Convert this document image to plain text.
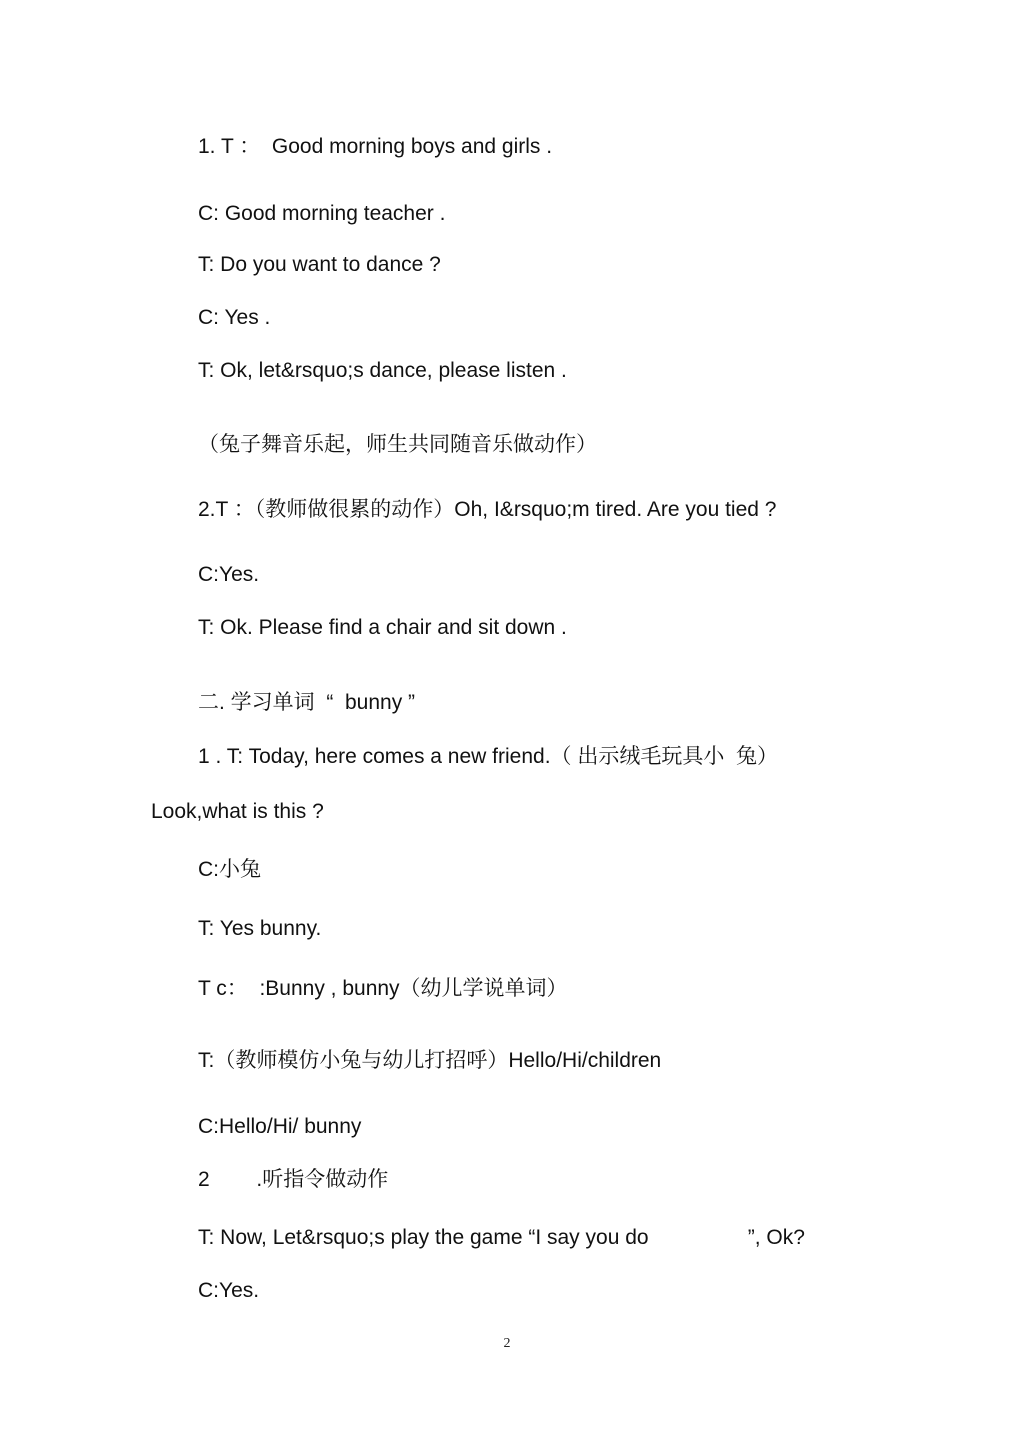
1. T ：  Good morning boys and girls .
C: Good morning teacher .
T: Do you want to dance ?
C: Yes .
T: Ok, let&rsquo;s dance, please listen .
（兔子舞音乐起，师生共同随音乐做动作）
2.T ：（教师做很累的动作）Oh, I&rsquo;m tired. Are you tied ?
C:Yes.
T: Ok. Please find a chair and sit down .
二. 学习单词  “  bunny ”
1 . T: Today, here comes a new friend.（ 出示绒毛玩具小  兔）
Look,what is this ?
C:小兔
T: Yes bunny.
T c：  :Bunny , bunny（幼儿学说单词）
T:（教师模仿小兔与幼儿打招呼）Hello/Hi/children
C:Hello/Hi/ bunny
2        .听指令做动作
T: Now, Let&rsquo;s play the game “I say you do                 ”, Ok?
C:Yes.
2
